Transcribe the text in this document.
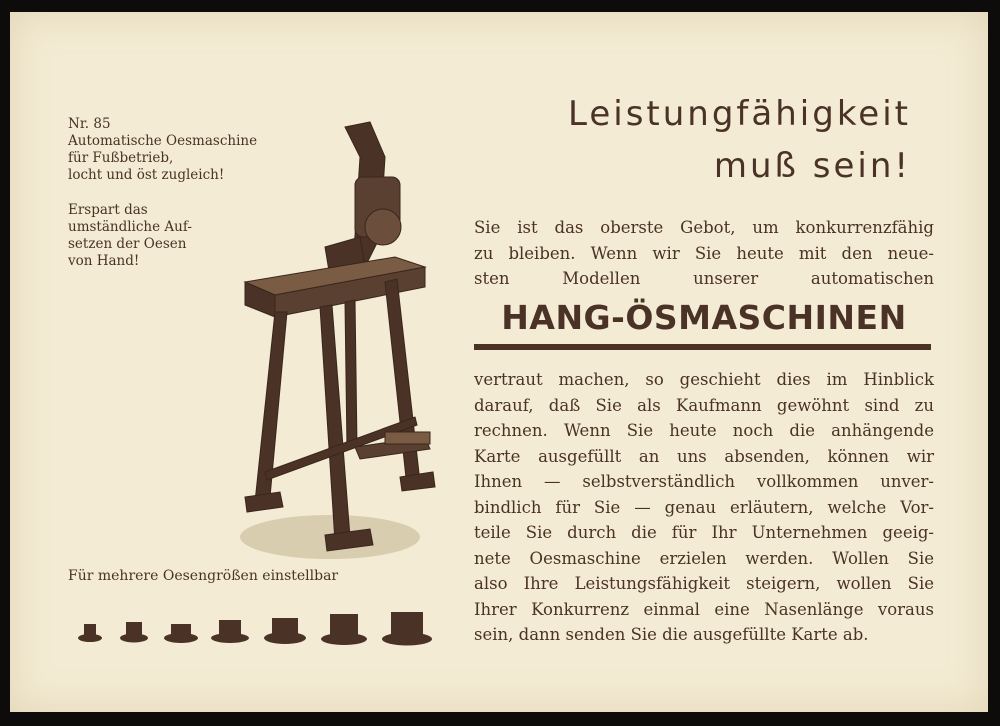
Nr. 85
Automatische Oesmaschine
für Fußbetrieb,
locht und öst zugleich!
Erspart das
umständliche Auf-
setzen der Oesen
von Hand!
Für mehrere Oesengrößen einstellbar
Leistungfähigkeit
muß sein!
Sie ist das oberste Gebot, um konkurrenzfähig
zu bleiben. Wenn wir Sie heute mit den neue-
sten Modellen unserer automatischen
HANG-ÖSMASCHINEN
vertraut machen, so geschieht dies im Hinblick
darauf, daß Sie als Kaufmann gewöhnt sind zu
rechnen. Wenn Sie heute noch die anhängende
Karte ausgefüllt an uns absenden, können wir
Ihnen — selbstverständlich vollkommen unver-
bindlich für Sie — genau erläutern, welche Vor-
teile Sie durch die für Ihr Unternehmen geeig-
nete Oesmaschine erzielen werden. Wollen Sie
also Ihre Leistungsfähigkeit steigern, wollen Sie
Ihrer Konkurrenz einmal eine Nasenlänge voraus
sein, dann senden Sie die ausgefüllte Karte ab.
